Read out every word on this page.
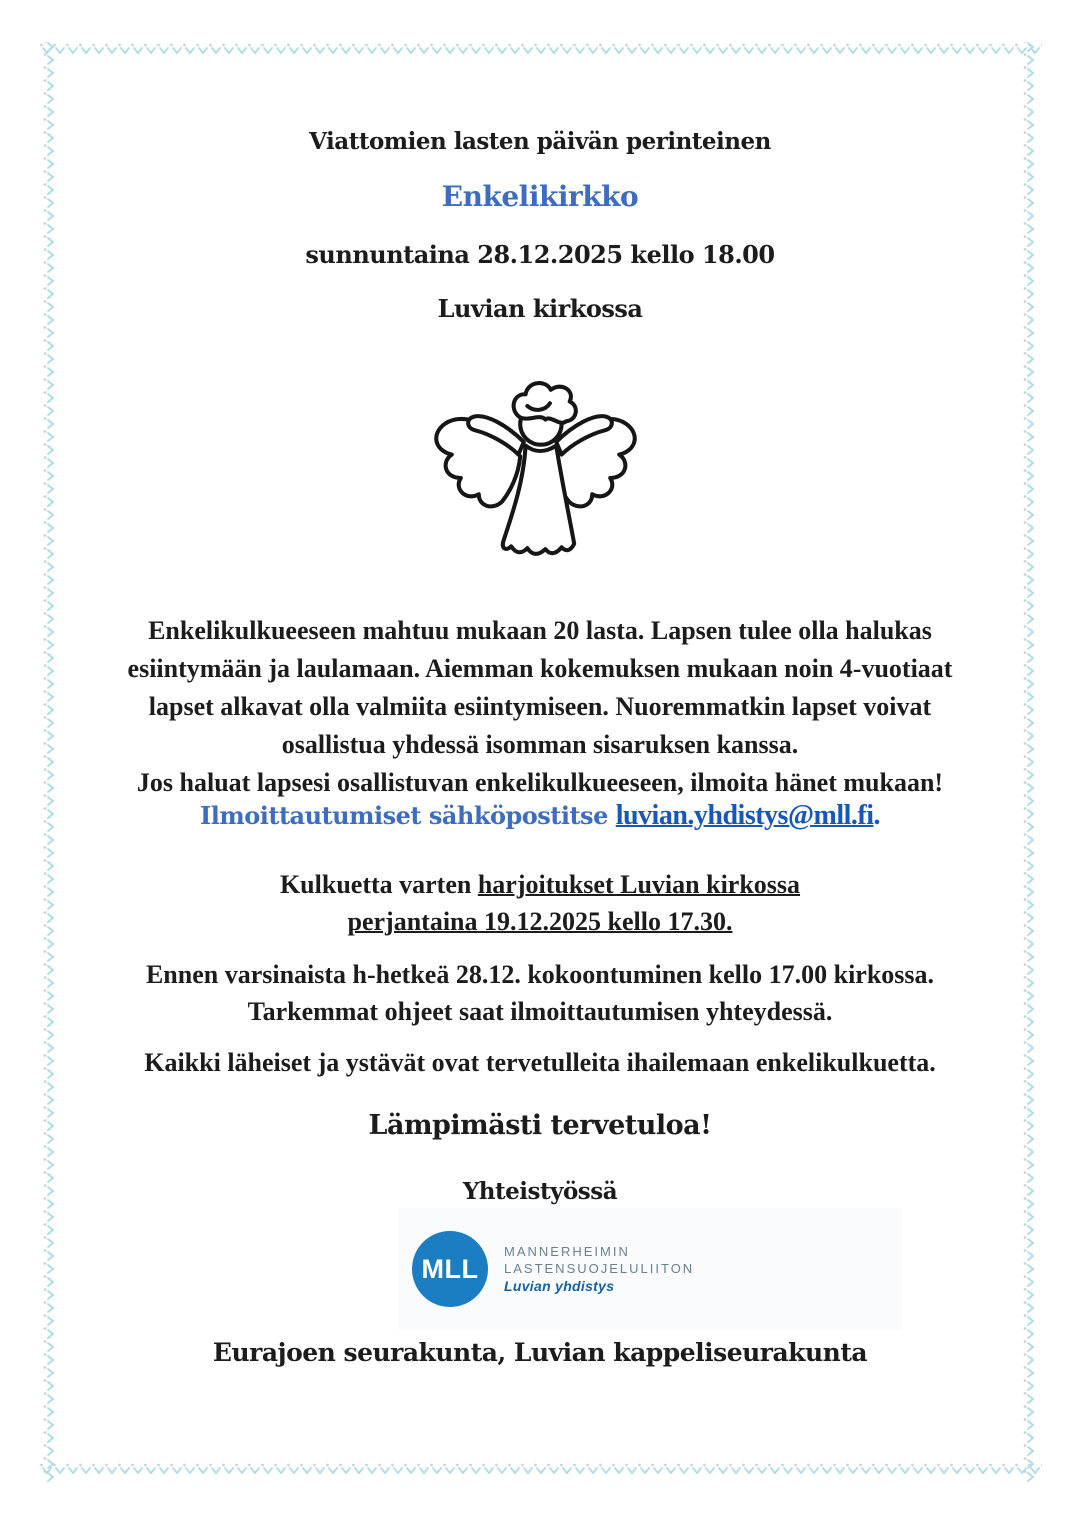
Viattomien lasten päivän perinteinen
Enkelikirkko
sunnuntaina 28.12.2025 kello 18.00
Luvian kirkossa
Enkelikulkueeseen mahtuu mukaan 20 lasta. Lapsen tulee olla halukas
esiintymään ja laulamaan. Aiemman kokemuksen mukaan noin 4-vuotiaat
lapset alkavat olla valmiita esiintymiseen. Nuoremmatkin lapset voivat
osallistua yhdessä isomman sisaruksen kanssa.
Jos haluat lapsesi osallistuvan enkelikulkueeseen, ilmoita hänet mukaan!
Ilmoittautumiset sähköpostitse luvian.yhdistys@mll.fi.
Kulkuetta varten harjoitukset Luvian kirkossa
perjantaina 19.12.2025 kello 17.30.
Ennen varsinaista h-hetkeä 28.12. kokoontuminen kello 17.00 kirkossa.
Tarkemmat ohjeet saat ilmoittautumisen yhteydessä.
Kaikki läheiset ja ystävät ovat tervetulleita ihailemaan enkelikulkuetta.
Lämpimästi tervetuloa!
Yhteistyössä
MLL
MANNERHEIMIN
LASTENSUOJELULIITON
Luvian yhdistys
Eurajoen seurakunta, Luvian kappeliseurakunta
